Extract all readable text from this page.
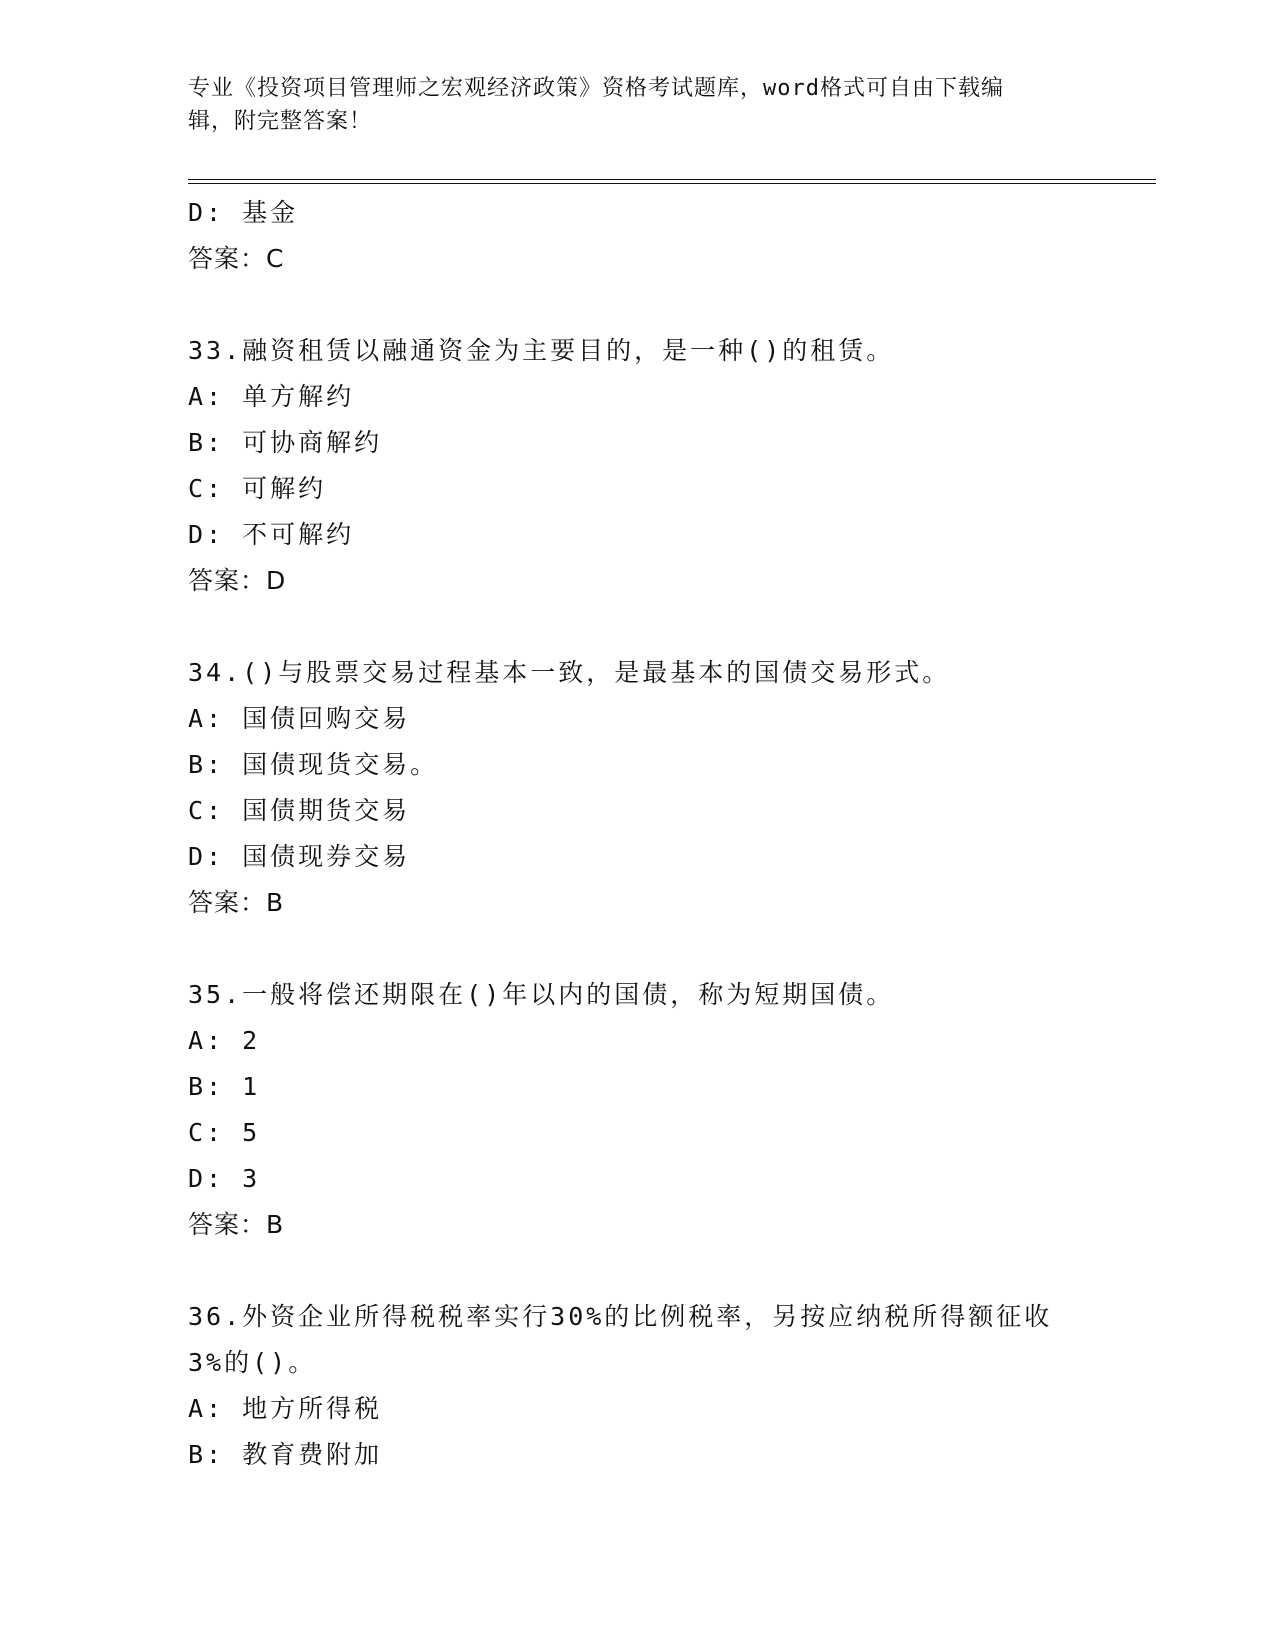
专业《投资项目管理师之宏观经济政策》资格考试题库，word格式可自由下载编
辑，附完整答案！
D: 基金
答案：C
33.融资租赁以融通资金为主要目的，是一种()的租赁。
A: 单方解约
B: 可协商解约
C: 可解约
D: 不可解约
答案：D
34.()与股票交易过程基本一致，是最基本的国债交易形式。
A: 国债回购交易
B: 国债现货交易。
C: 国债期货交易
D: 国债现券交易
答案：B
35.一般将偿还期限在()年以内的国债，称为短期国债。
A: 2
B: 1
C: 5
D: 3
答案：B
36.外资企业所得税税率实行30%的比例税率，另按应纳税所得额征收
3%的()。
A: 地方所得税
B: 教育费附加
